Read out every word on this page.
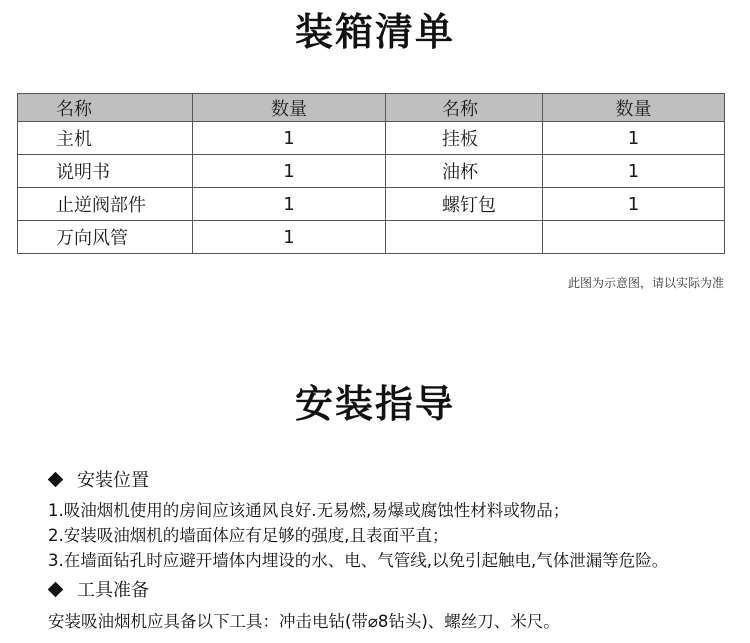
装箱清单
名称	数量	名称	数量
主机	1	挂板	1
说明书	1	油杯	1
止逆阀部件	1	螺钉包	1
万向风管	1		
此图为示意图，请以实际为准
安装指导
安装位置
1.吸油烟机使用的房间应该通风良好.无易燃,易爆或腐蚀性材料或物品；
2.安装吸油烟机的墙面体应有足够的强度,且表面平直；
3.在墙面钻孔时应避开墙体内埋设的水、电、气管线,以免引起触电,气体泄漏等危险。
工具准备
安装吸油烟机应具备以下工具：冲击电钻(带⌀8钻头)、螺丝刀、米尺。
